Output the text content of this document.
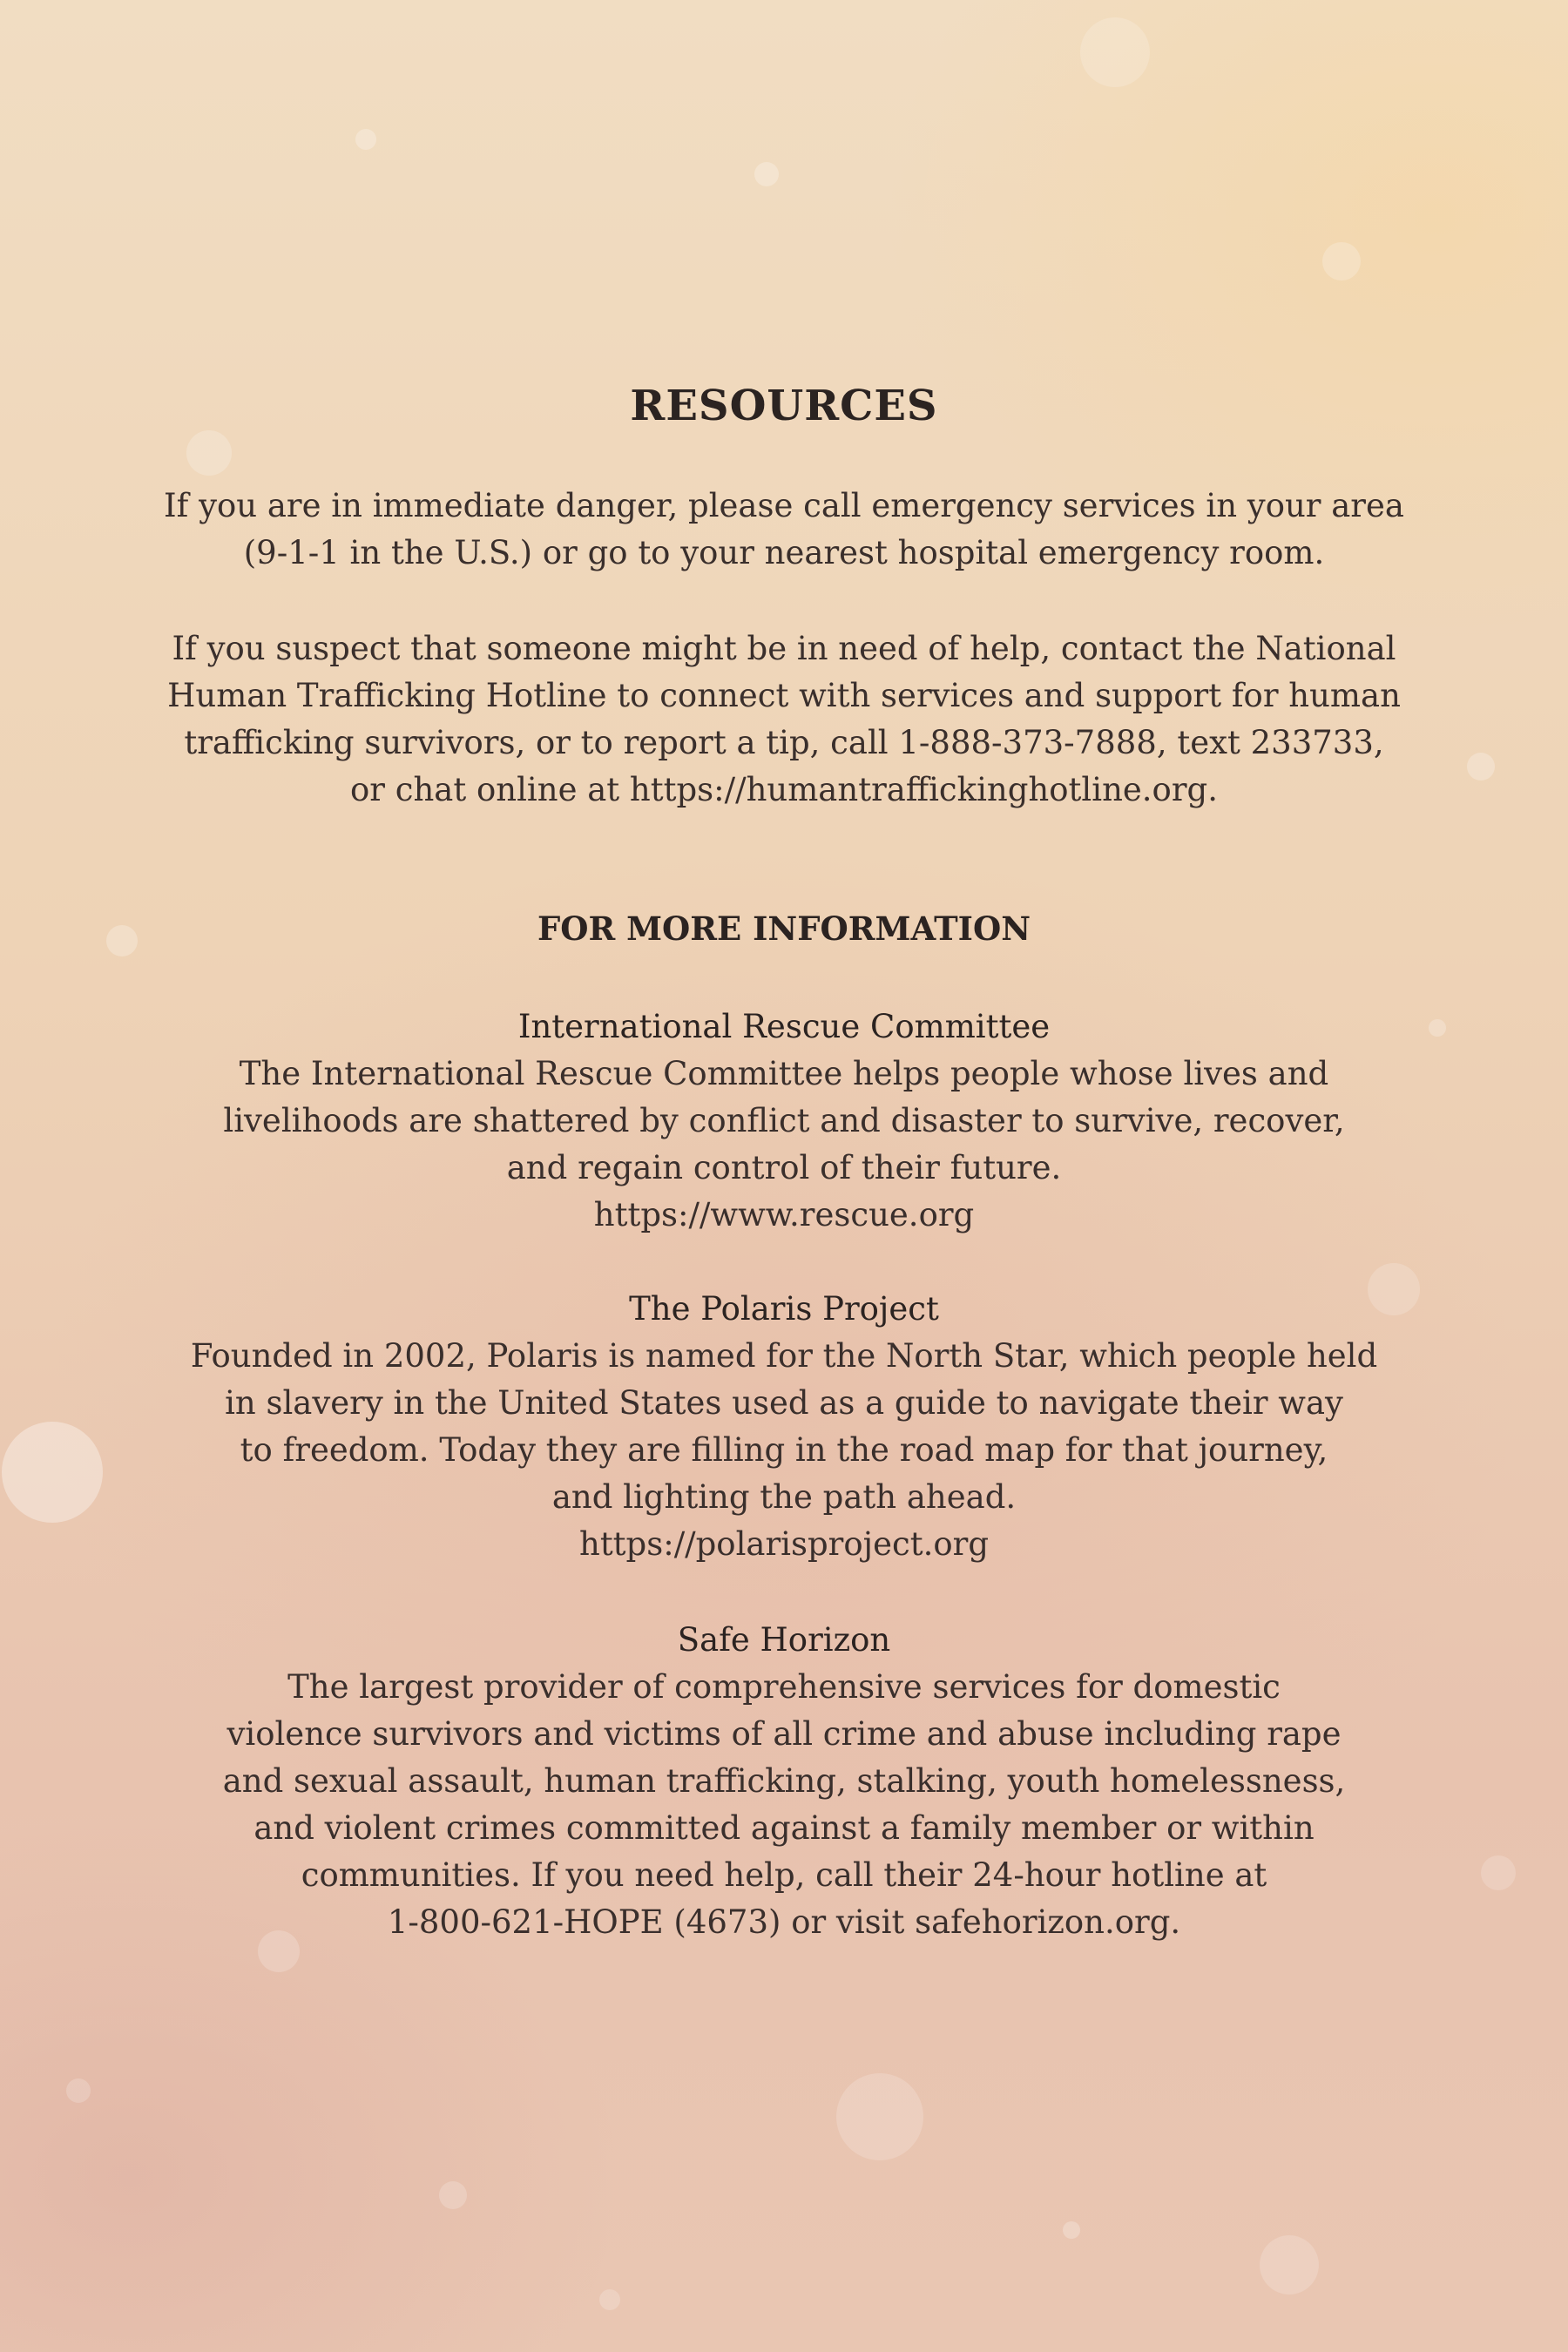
RESOURCES

If you are in immediate danger, please call emergency services in your area
(9-1-1 in the U.S.) or go to your nearest hospital emergency room.

If you suspect that someone might be in need of help, contact the National
Human Trafficking Hotline to connect with services and support for human
trafficking survivors, or to report a tip, call 1-888-373-7888, text 233733,
or chat online at https://humantraffickinghotline.org.

FOR MORE INFORMATION

International Rescue Committee

The International Rescue Committee helps people whose lives and
livelihoods are shattered by conflict and disaster to survive, recover,
and regain control of their future.

https://www.rescue.org

The Polaris Project

Founded in 2002, Polaris is named for the North Star, which people held
in slavery in the United States used as a guide to navigate their way
to freedom. Today they are filling in the road map for that journey,
and lighting the path ahead.

https://polarisproject.org

Safe Horizon

The largest provider of comprehensive services for domestic
violence survivors and victims of all crime and abuse including rape
and sexual assault, human trafficking, stalking, youth homelessness,
and violent crimes committed against a family member or within
communities. If you need help, call their 24-hour hotline at
1-800-621-HOPE (4673) or visit safehorizon.org.
